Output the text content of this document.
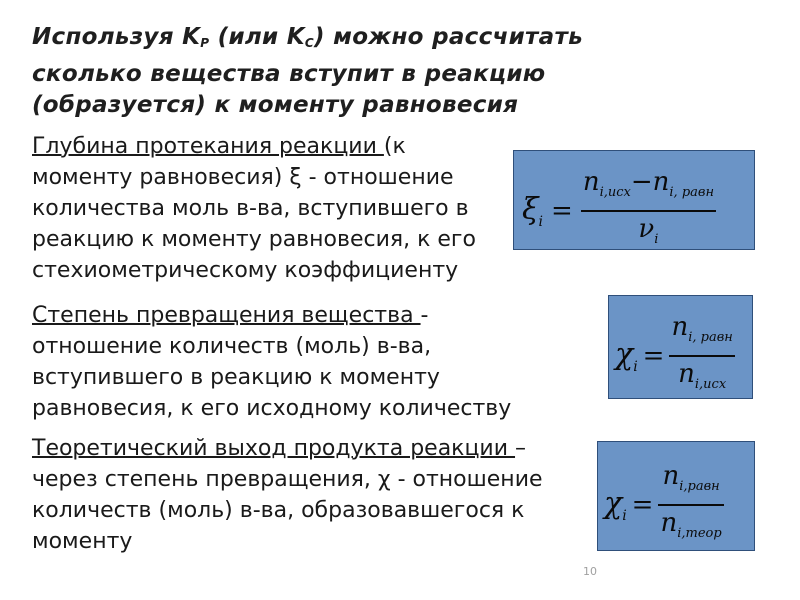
Используя $K_P$ (или $K_C$) можно рассчитать
сколько вещества вступит в реакцию
(образуется) к моменту равновесия
Глубина протекания реакции (к моменту равновесия) ξ - отношение количества моль в-ва, вступившего в реакцию к моменту равновесия, к его стехиометрическому коэффициенту
Степень превращения вещества - отношение количеств (моль) в-ва, вступившего в реакцию к моменту равновесия, к его исходному количеству
Теоретический выход продукта реакции – через степень превращения, χ - отношение количеств (моль) в-ва, образовавшегося к моменту
$\xi_i = \frac{n_{i,исх}-n_{i, равн}}{\nu_i}$
$\chi_i = \frac{n_{i, равн}}{n_{i,исх}}$
$\chi_i = \frac{n_{i,равн}}{n_{i,теор}}$
10
